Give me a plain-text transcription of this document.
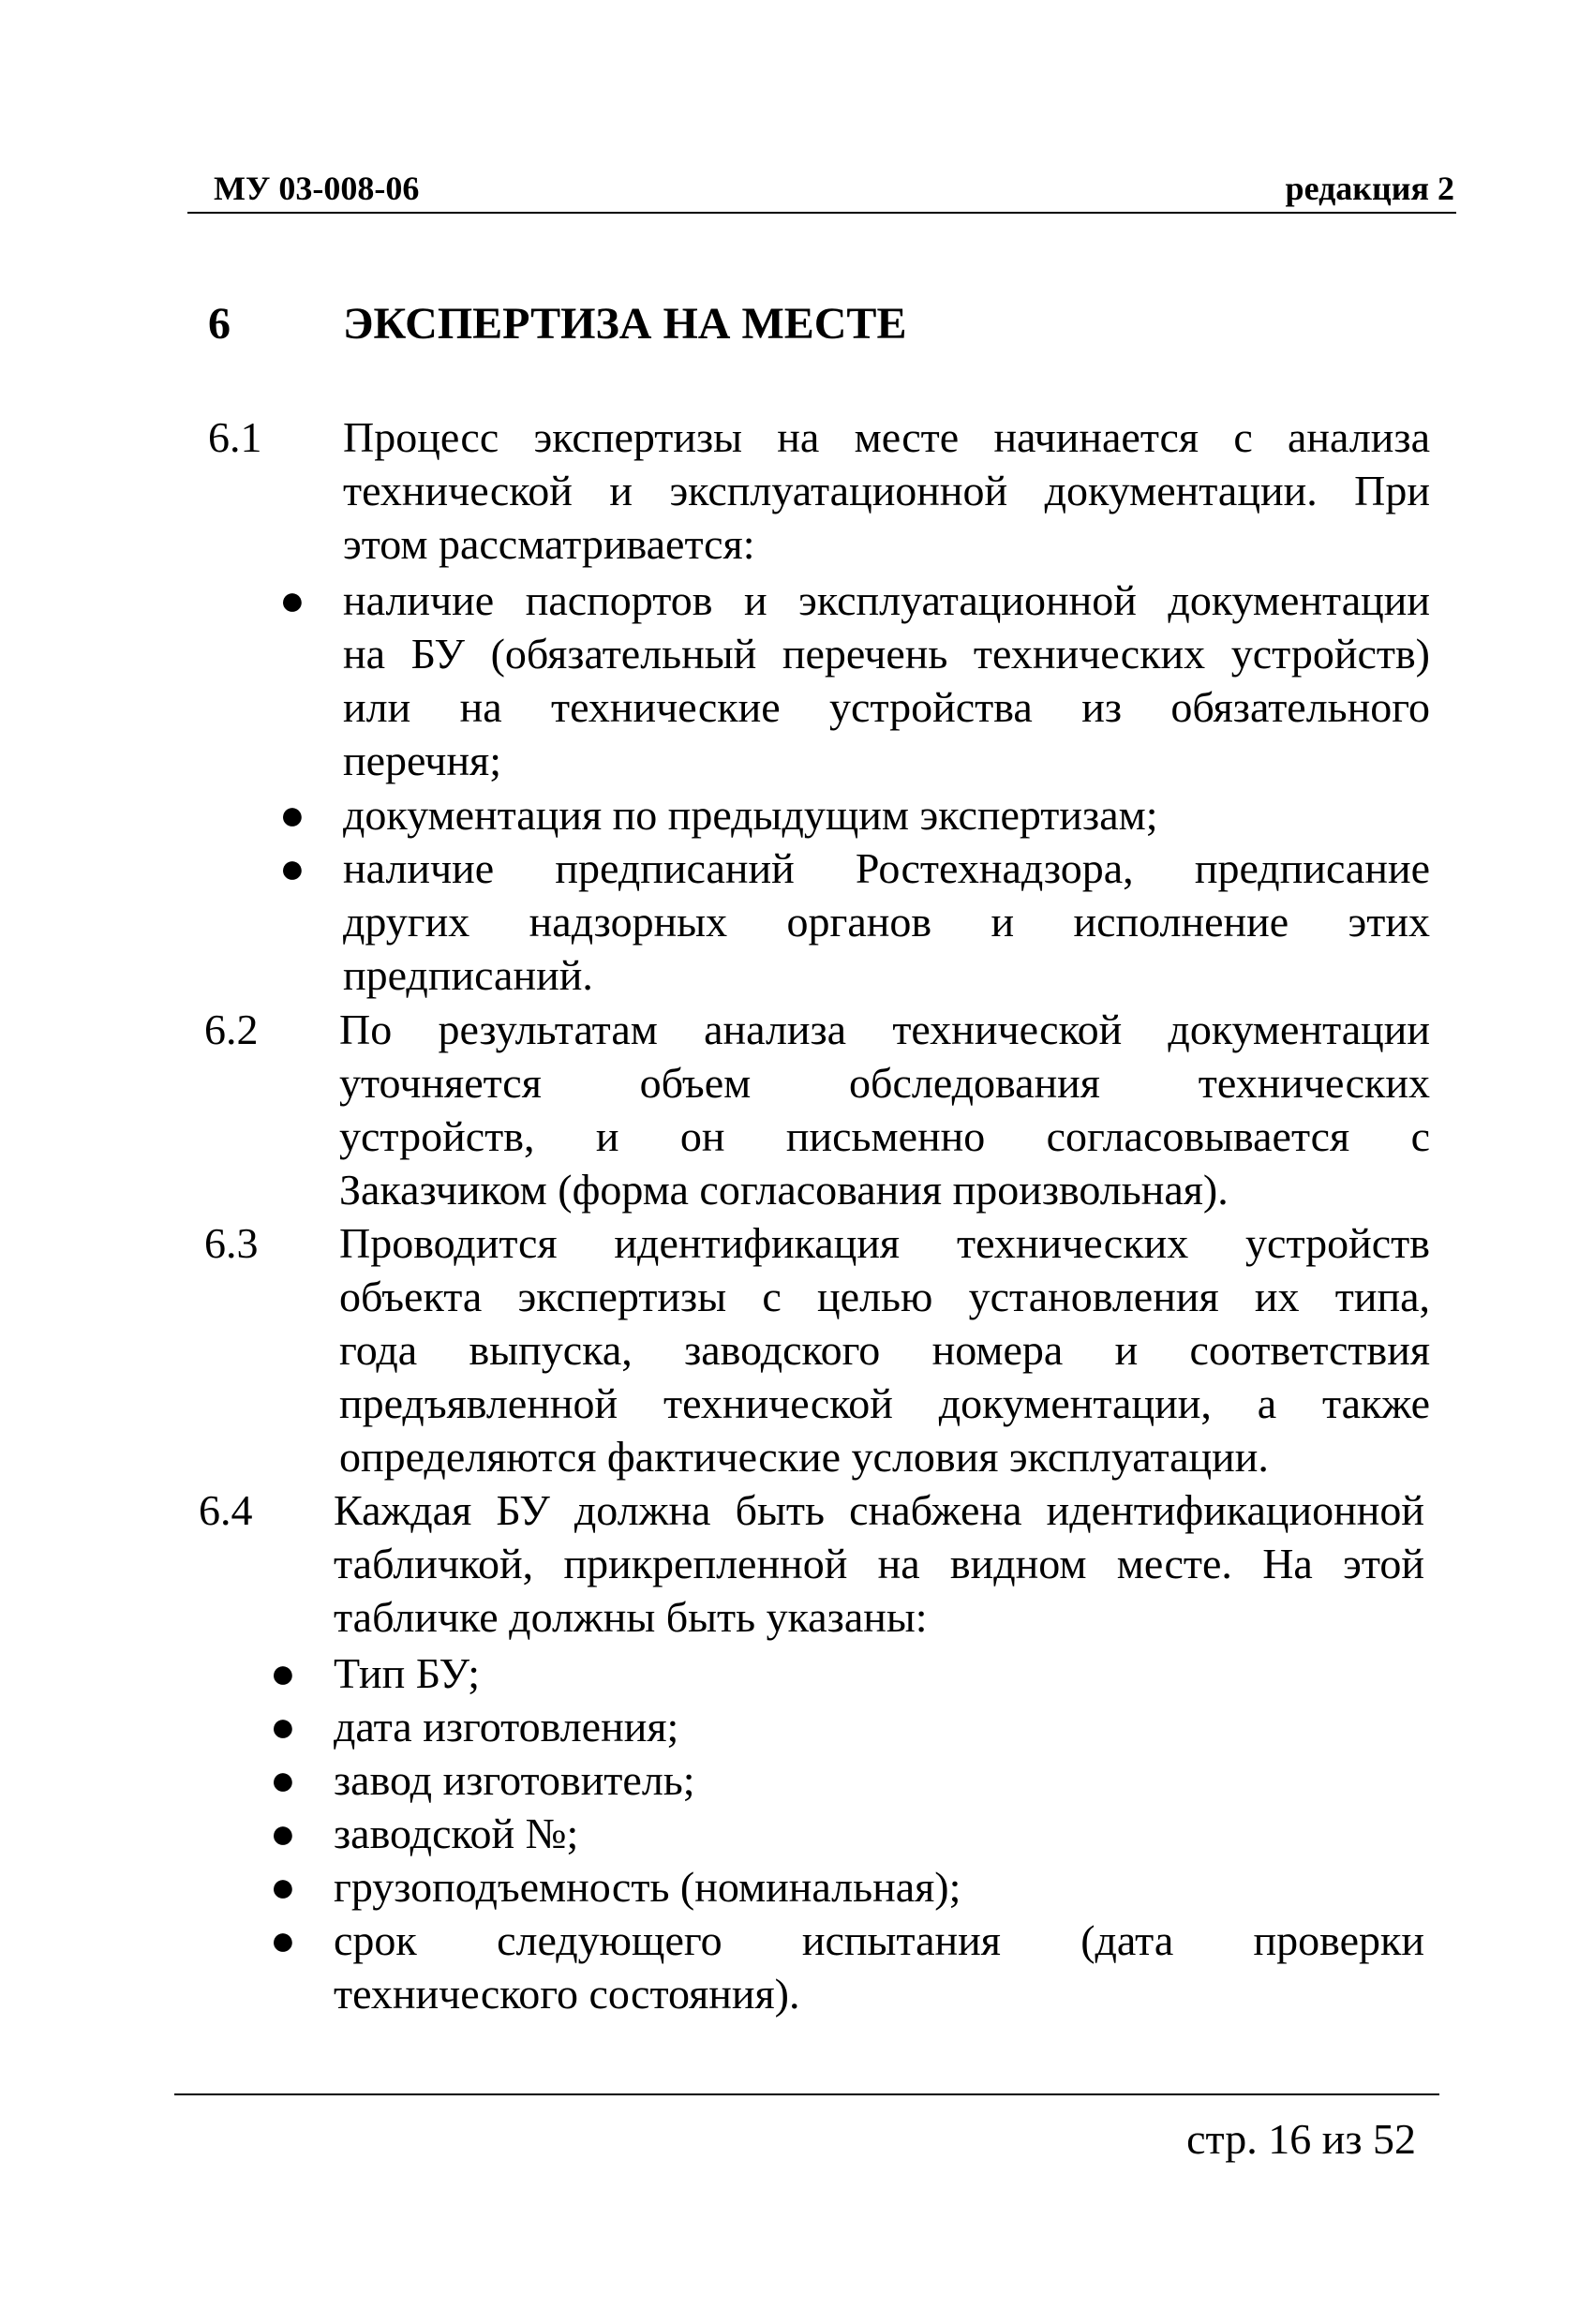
МУ 03-008-06	редакция 2
6	ЭКСПЕРТИЗА НА МЕСТЕ
6.1 Процесс экспертизы на месте начинается с анализа
технической и эксплуатационной документации. При
этом рассматривается:
● наличие паспортов и эксплуатационной документации
на БУ (обязательный перечень технических устройств)
или на технические устройства из обязательного
перечня;
● документация по предыдущим экспертизам;
● наличие предписаний Ростехнадзора, предписание
других надзорных органов и исполнение этих
предписаний.
6.2 По результатам анализа технической документации
уточняется объем обследования технических
устройств, и он письменно согласовывается с
Заказчиком (форма согласования произвольная).
6.3 Проводится идентификация технических устройств
объекта экспертизы с целью установления их типа,
года выпуска, заводского номера и соответствия
предъявленной технической документации, а также
определяются фактические условия эксплуатации.
6.4 Каждая БУ должна быть снабжена идентификационной
табличкой, прикрепленной на видном месте. На этой
табличке должны быть указаны:
● Тип БУ;
● дата изготовления;
● завод изготовитель;
● заводской №;
● грузоподъемность (номинальная);
● срок следующего испытания (дата проверки
технического состояния).
стр. 16 из 52
